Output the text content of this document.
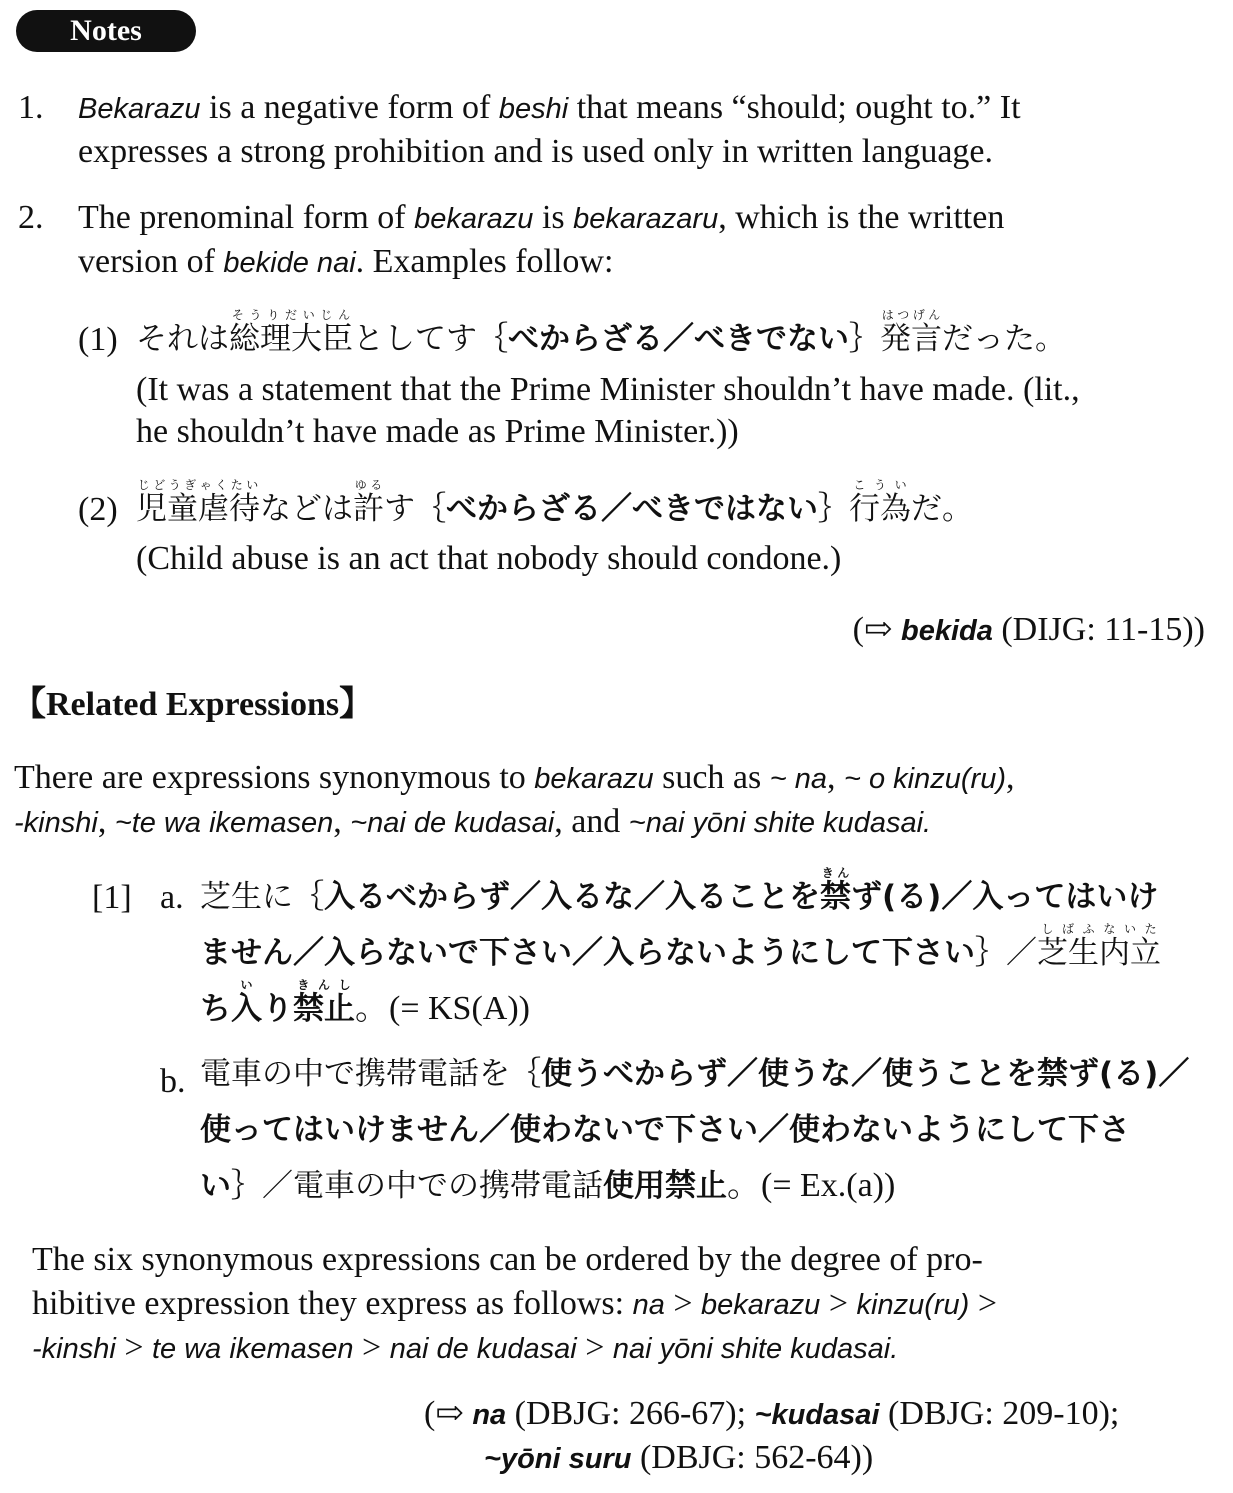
Notes
1. Bekarazu is a negative form of beshi that means “should; ought to.” It
expresses a strong prohibition and is used only in written language.
2. The prenominal form of bekarazu is bekarazaru, which is the written
version of bekide nai. Examples follow:
(1) それは総理大臣そうりだいじんとしてす｛べからざる／べきでない｝発言はつげんだった。
(It was a statement that the Prime Minister shouldn’t have made. (lit.,
he shouldn’t have made as Prime Minister.))
(2) 児童虐待じどうぎゃくたいなどは許ゆるす｛べからざる／べきではない｝行為こういだ。
(Child abuse is an act that nobody should condone.)
(⇨ bekida (DIJG: 11-15))
【Related Expressions】
There are expressions synonymous to bekarazu such as ~ na, ~ o kinzu(ru),
-kinshi, ~te wa ikemasen, ~nai de kudasai, and ~nai yōni shite kudasai.
[1] a. 芝生に｛入るべからず／入るな／入ることを禁きんず(る)／入ってはいけ
ません／入らないで下さい／入らないようにして下さい｝／芝生内立しばふないた
ち入いり禁止きんし。(= KS(A))
b. 電車の中で携帯電話を｛使うべからず／使うな／使うことを禁ず(る)／
使ってはいけません／使わないで下さい／使わないようにして下さ
い｝／電車の中での携帯電話使用禁止。(= Ex.(a))
The six synonymous expressions can be ordered by the degree of pro-
hibitive expression they express as follows: na > bekarazu > kinzu(ru) >
-kinshi > te wa ikemasen > nai de kudasai > nai yōni shite kudasai.
(⇨ na (DBJG: 266-67); ~kudasai (DBJG: 209-10);
~yōni suru (DBJG: 562-64))
